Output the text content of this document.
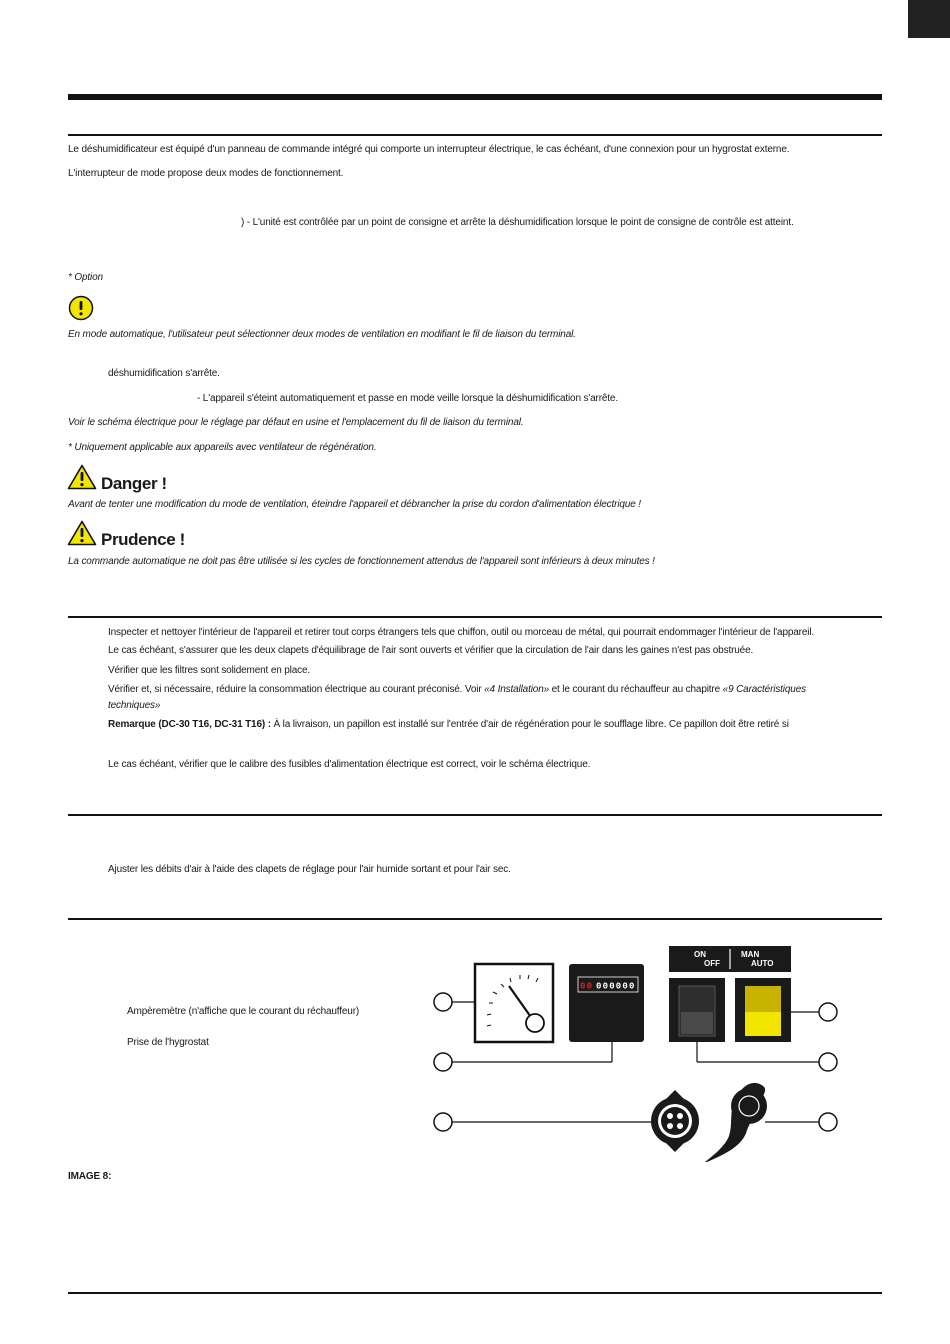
Le déshumidificateur est équipé d'un panneau de commande intégré qui comporte un interrupteur électrique, le cas échéant, d'une connexion pour un hygrostat externe.
L'interrupteur de mode propose deux modes de fonctionnement.
) - L'unité est contrôlée par un point de consigne et arrête la déshumidification lorsque le point de consigne de contrôle est atteint.
* Option
En mode automatique, l'utilisateur peut sélectionner deux modes de ventilation en modifiant le fil de liaison du terminal.
déshumidification s'arrête.
- L'appareil s'éteint automatiquement et passe en mode veille lorsque la déshumidification s'arrête.
Voir le schéma électrique pour le réglage par défaut en usine et l'emplacement du fil de liaison du terminal.
* Uniquement applicable aux appareils avec ventilateur de régénération.
Danger !
Avant de tenter une modification du mode de ventilation, éteindre l'appareil et débrancher la prise du cordon d'alimentation électrique !
Prudence !
La commande automatique ne doit pas être utilisée si les cycles de fonctionnement attendus de l'appareil sont inférieurs à deux minutes !
Inspecter et nettoyer l'intérieur de l'appareil et retirer tout corps étrangers tels que chiffon, outil ou morceau de métal, qui pourrait endommager l'intérieur de l'appareil.
Le cas échéant, s'assurer que les deux clapets d'équilibrage de l'air sont ouverts et vérifier que la circulation de l'air dans les gaines n'est pas obstruée.
Vérifier que les filtres sont solidement en place.
Vérifier et, si nécessaire, réduire la consommation électrique au courant préconisé. Voir «4 Installation» et le courant du réchauffeur au chapitre «9 Caractéristiques
techniques»
Remarque (DC-30 T16, DC-31 T16) : À la livraison, un papillon est installé sur l'entrée d'air de régénération pour le soufflage libre. Ce papillon doit être retiré si
Le cas échéant, vérifier que le calibre des fusibles d'alimentation électrique est correct, voir le schéma électrique.
Ajuster les débits d'air à l'aide des clapets de réglage pour l'air humide sortant et pour l'air sec.
Ampèremètre (n'affiche que le courant du réchauffeur)
Prise de l'hygrostat
00 000000
ON
OFF
MAN
AUTO
IMAGE 8:
